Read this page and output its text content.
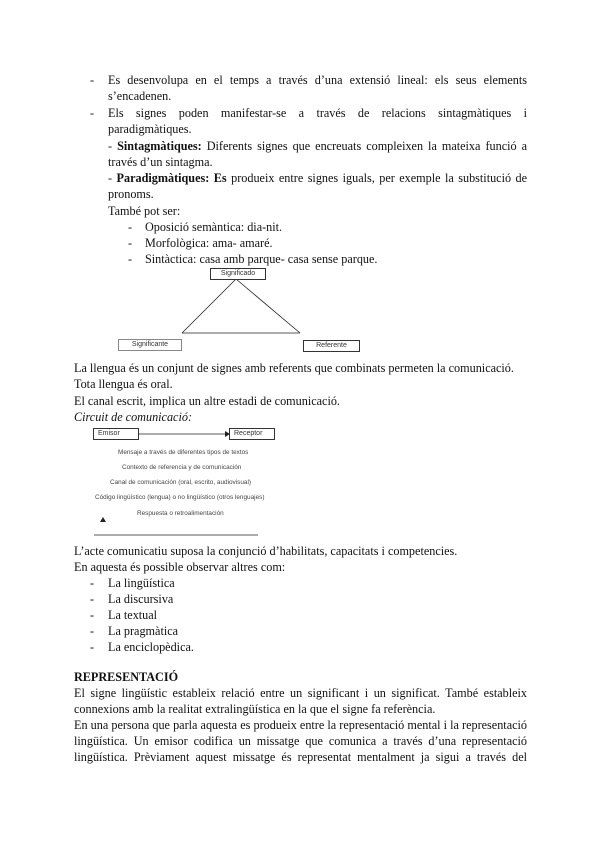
- Es desenvolupa en el temps a través d’una extensió lineal: els seus elements
s’encadenen.
- Els signes poden manifestar-se a través de relacions sintagmàtiques i
paradigmàtiques.
- Sintagmàtiques: Diferents signes que encreuats compleixen la mateixa funció a
través d’un sintagma.
- Paradigmàtiques: Es produeix entre signes iguals, per exemple la substitució de
pronoms.
També pot ser:
- Oposició semàntica: dia-nit.
- Morfològica: ama- amaré.
- Sintàctica: casa amb parque- casa sense parque.
Significado
Significante	Referente
La llengua és un conjunt de signes amb referents que combinats permeten la comunicació.
Tota llengua és oral.
El canal escrit, implica un altre estadi de comunicació.
Circuit de comunicació:
Emisor	Receptor
Mensaje a través de diferentes tipos de textos
Contexto de referencia y de comunicación
Canal de comunicación (oral, escrito, audiovisual)
Código lingüístico (lengua) o no lingüístico (otros lenguajes)
Respuesta o retroalimentación
L’acte comunicatiu suposa la conjunció d’habilitats, capacitats i competencies.
En aquesta és possible observar altres com:
- La lingüística
- La discursiva
- La textual
- La pragmàtica
- La enciclopèdica.
REPRESENTACIÓ
El signe lingüístic estableix relació entre un significant i un significat. També estableix
connexions amb la realitat extralingüística en la que el signe fa referència.
En una persona que parla aquesta es produeix entre la representació mental i la representació
lingüística. Un emisor codifica un missatge que comunica a través d’una representació
lingüística. Prèviament aquest missatge és representat mentalment ja sigui a través del
